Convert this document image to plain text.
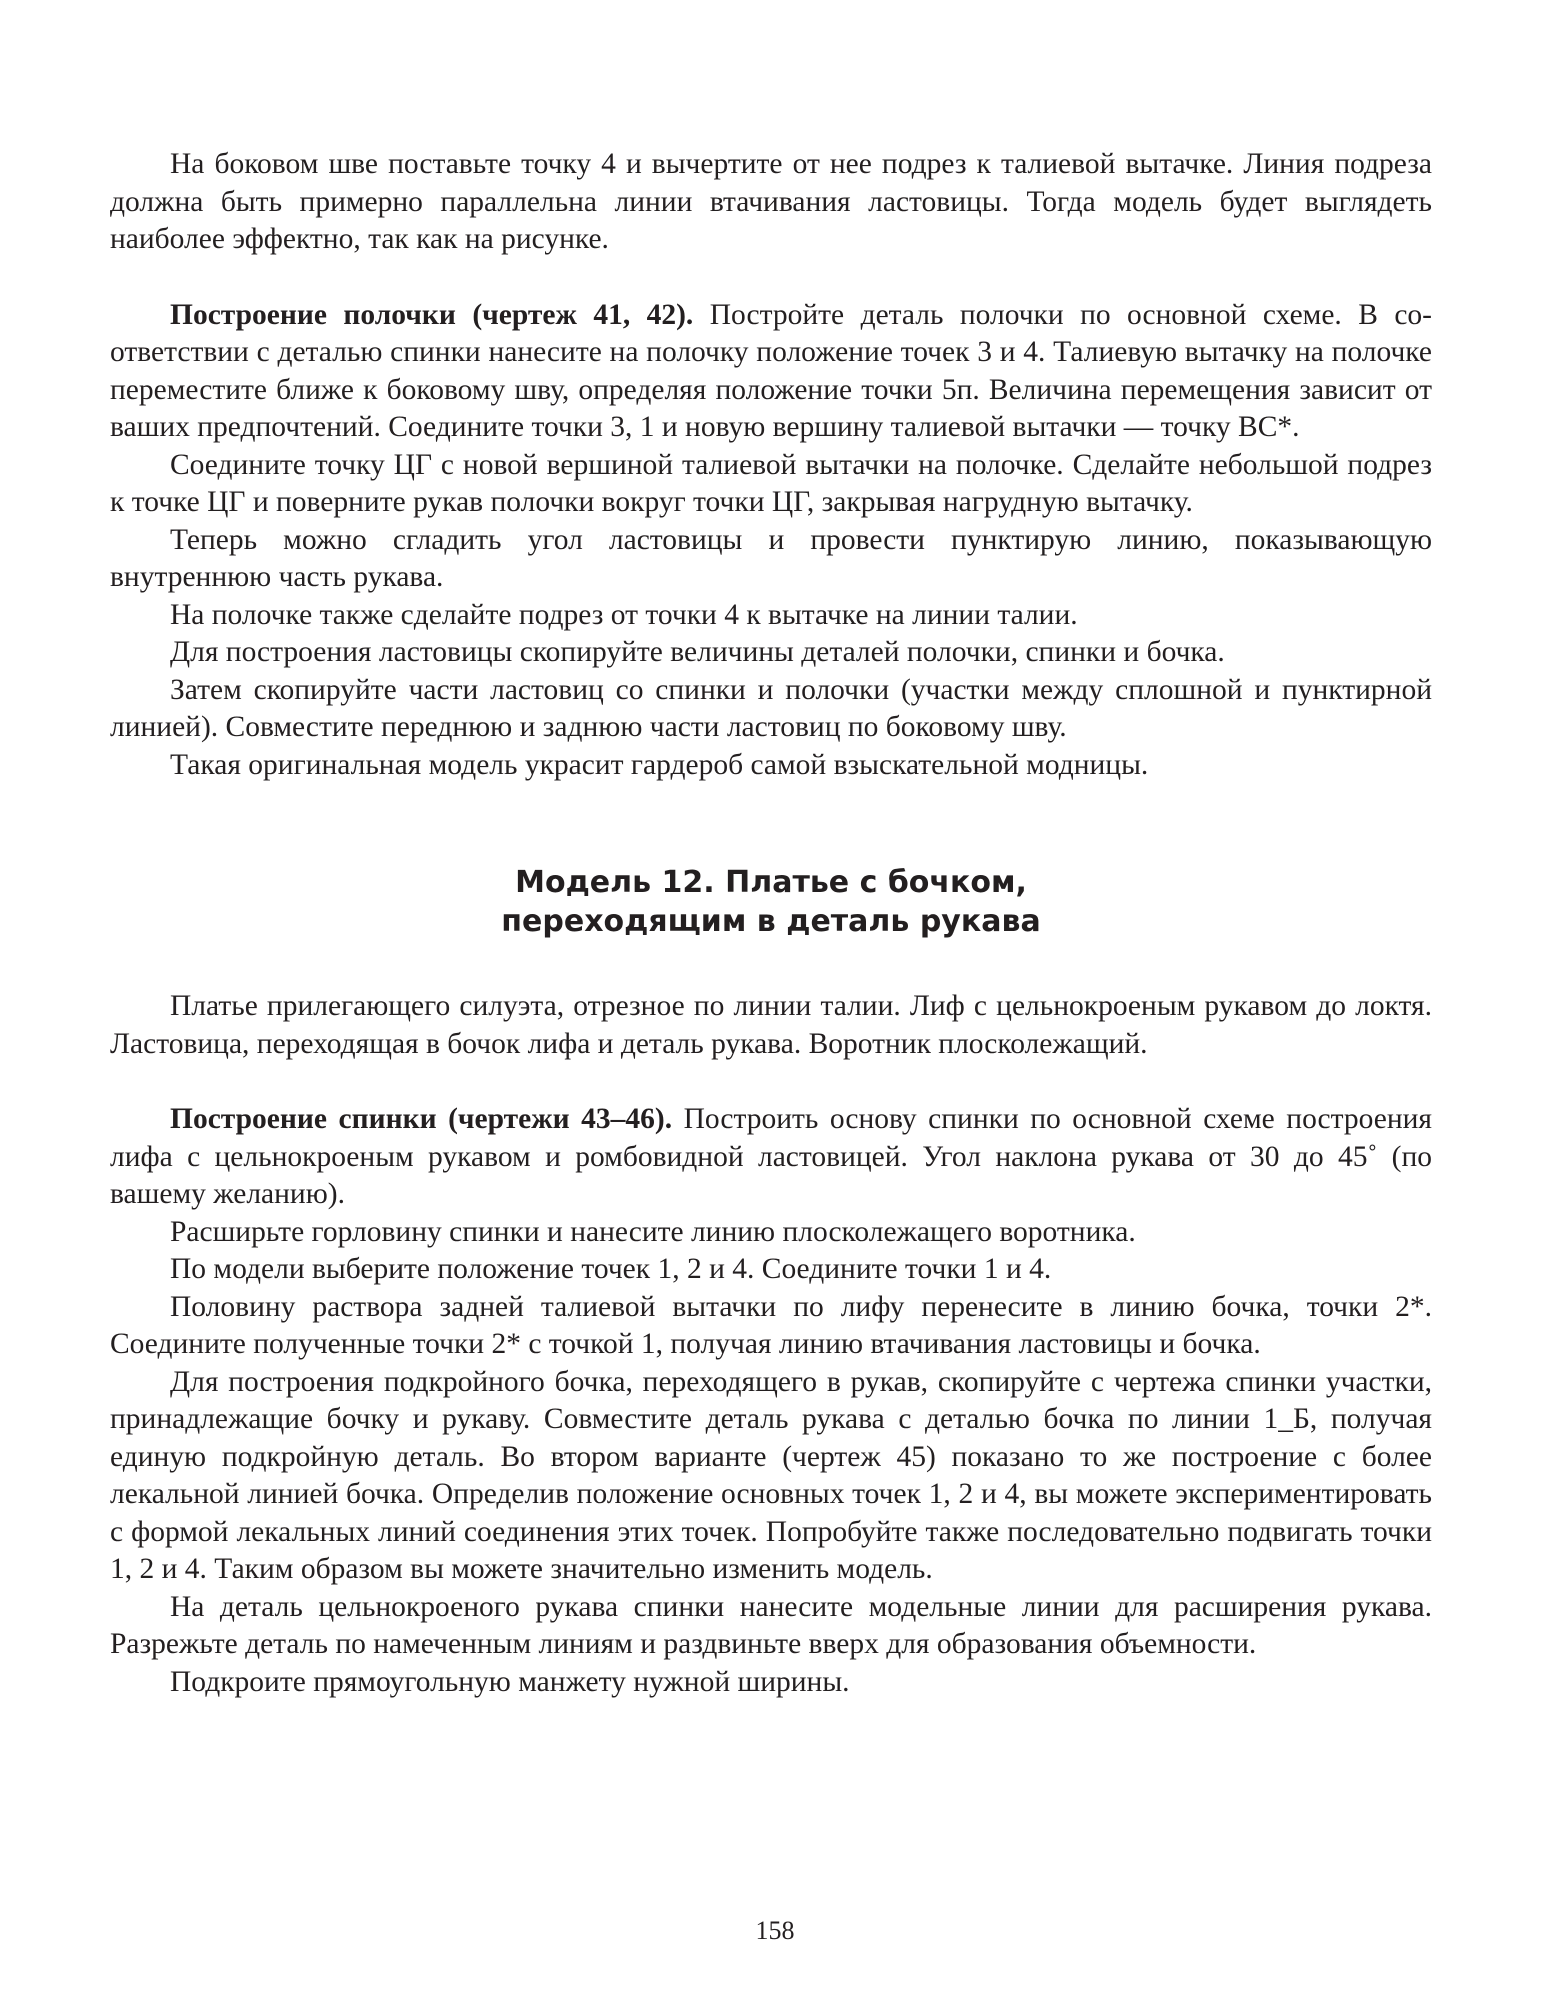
На боковом шве поставьте точку 4 и вычертите от нее подрез к талиевой вытачке. Линия подреза должна быть примерно параллельна линии втачивания ластовицы. Тогда модель будет выглядеть наиболее эффектно, так как на рисунке.

Построение полочки (чертеж 41, 42). Постройте деталь полочки по основной схеме. В соответствии с деталью спинки нанесите на полочку положение точек 3 и 4. Талиевую вытачку на полочке переместите ближе к боковому шву, определяя положение точки 5п. Величина перемещения зависит от ваших предпочтений. Соедините точки 3, 1 и новую вершину талиевой вытачки — точку ВС*.

Соедините точку ЦГ с новой вершиной талиевой вытачки на полочке. Сделайте небольшой подрез к точке ЦГ и поверните рукав полочки вокруг точки ЦГ, закрывая нагрудную вытачку.

Теперь можно сгладить угол ластовицы и провести пунктирую линию, показывающую внутреннюю часть рукава.

На полочке также сделайте подрез от точки 4 к вытачке на линии талии.

Для построения ластовицы скопируйте величины деталей полочки, спинки и бочка.

Затем скопируйте части ластовиц со спинки и полочки (участки между сплошной и пунктирной линией). Совместите переднюю и заднюю части ластовиц по боковому шву.

Такая оригинальная модель украсит гардероб самой взыскательной модницы.

Модель 12. Платье с бочком,
переходящим в деталь рукава

Платье прилегающего силуэта, отрезное по линии талии. Лиф с цельнокроеным рукавом до локтя. Ластовица, переходящая в бочок лифа и деталь рукава. Воротник плосколежащий.

Построение спинки (чертежи 43–46). Построить основу спинки по основной схеме построения лифа с цельнокроеным рукавом и ромбовидной ластовицей. Угол наклона рукава от 30 до 45˚ (по вашему желанию).

Расширьте горловину спинки и нанесите линию плосколежащего воротника.

По модели выберите положение точек 1, 2 и 4. Соедините точки 1 и 4.

Половину раствора задней талиевой вытачки по лифу перенесите в линию бочка, точки 2*. Соедините полученные точки 2* с точкой 1, получая линию втачивания ластовицы и бочка.

Для построения подкройного бочка, переходящего в рукав, скопируйте с чертежа спинки участки, принадлежащие бочку и рукаву. Совместите деталь рукава с деталью бочка по линии 1_Б, получая единую подкройную деталь. Во втором варианте (чертеж 45) показано то же построение с более лекальной линией бочка. Определив положение основных точек 1, 2 и 4, вы можете экспериментировать с формой лекальных линий соединения этих точек. Попробуйте также последовательно подвигать точки 1, 2 и 4. Таким образом вы можете значительно изменить модель.

На деталь цельнокроеного рукава спинки нанесите модельные линии для расширения рукава. Разрежьте деталь по намеченным линиям и раздвиньте вверх для образования объемности.

Подкроите прямоугольную манжету нужной ширины.

158
